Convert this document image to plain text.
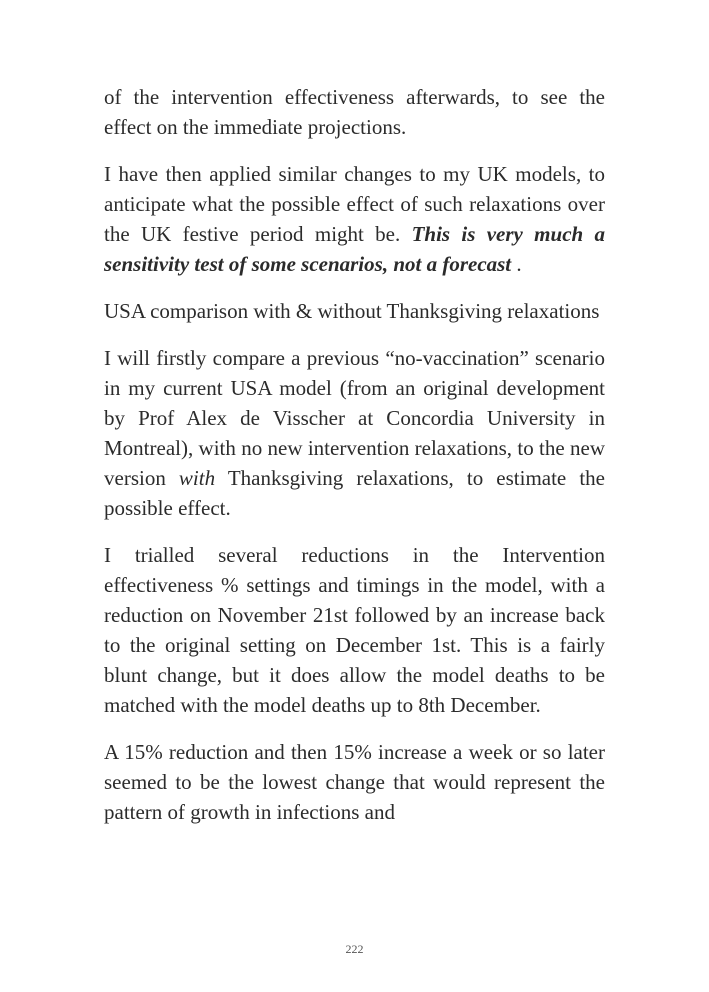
of the intervention effectiveness afterwards, to see the effect on the immediate projections.

I have then applied similar changes to my UK models, to anticipate what the possible effect of such relaxations over the UK festive period might be. This is very much a sensitivity test of some scenarios, not a forecast .

USA comparison with & without Thanksgiving relaxations

I will firstly compare a previous “no-vaccination” scenario in my current USA model (from an original development by Prof Alex de Visscher at Concordia University in Montreal), with no new intervention relaxations, to the new version with Thanksgiving relaxations, to estimate the possible effect.

I trialled several reductions in the Intervention effectiveness % settings and timings in the model, with a reduction on November 21st followed by an increase back to the original setting on December 1st. This is a fairly blunt change, but it does allow the model deaths to be matched with the model deaths up to 8th December.

A 15% reduction and then 15% increase a week or so later seemed to be the lowest change that would represent the pattern of growth in infections and

222
